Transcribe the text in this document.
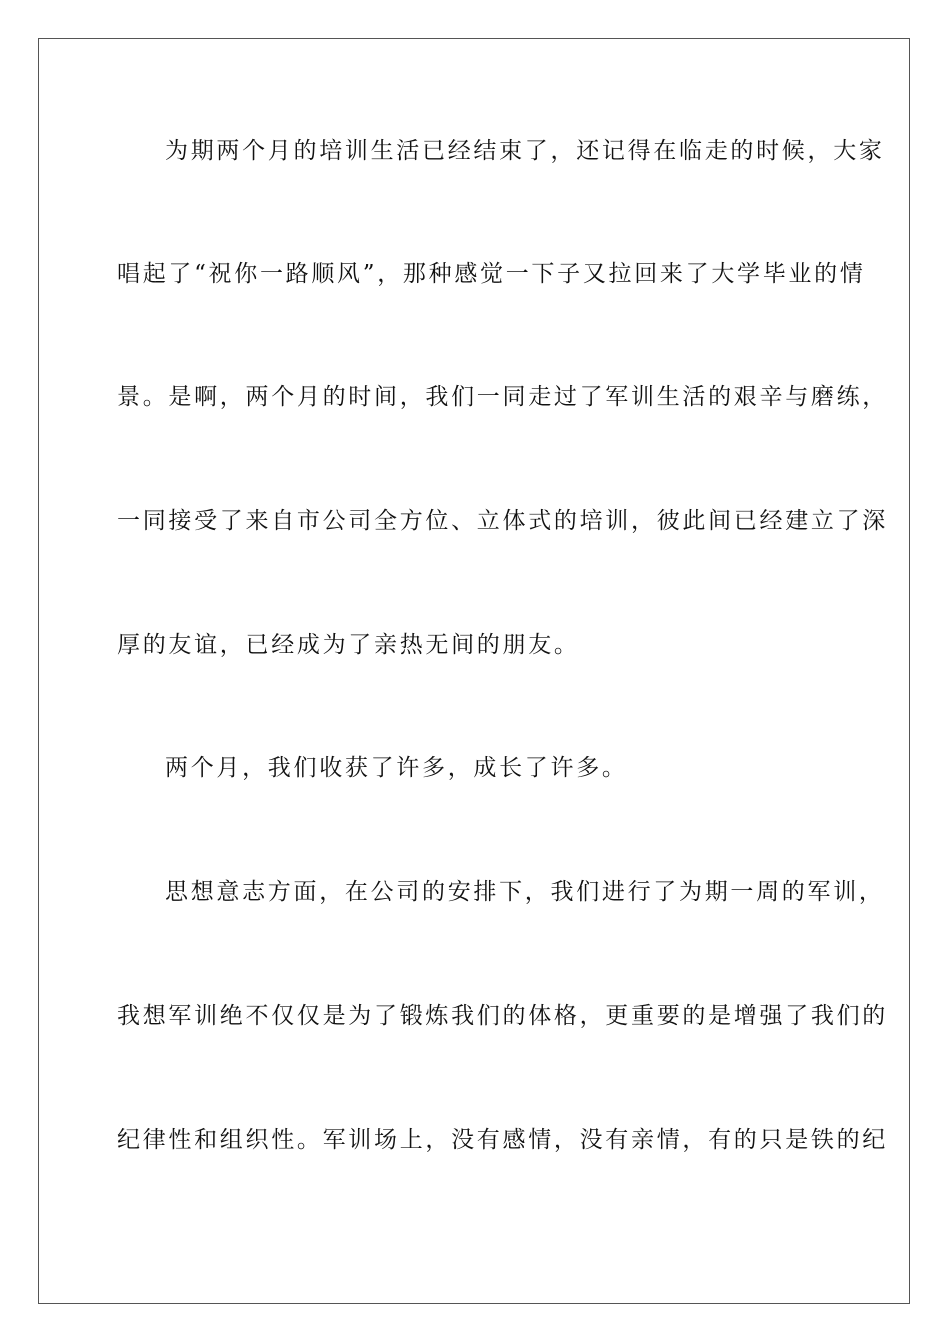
为期两个月的培训生活已经结束了，还记得在临走的时候，大家
唱起了“祝你一路顺风”，那种感觉一下子又拉回来了大学毕业的情
景。是啊，两个月的时间，我们一同走过了军训生活的艰辛与磨练，
一同接受了来自市公司全方位、立体式的培训，彼此间已经建立了深
厚的友谊，已经成为了亲热无间的朋友。
两个月，我们收获了许多，成长了许多。
思想意志方面，在公司的安排下，我们进行了为期一周的军训，
我想军训绝不仅仅是为了锻炼我们的体格，更重要的是增强了我们的
纪律性和组织性。军训场上，没有感情，没有亲情，有的只是铁的纪
